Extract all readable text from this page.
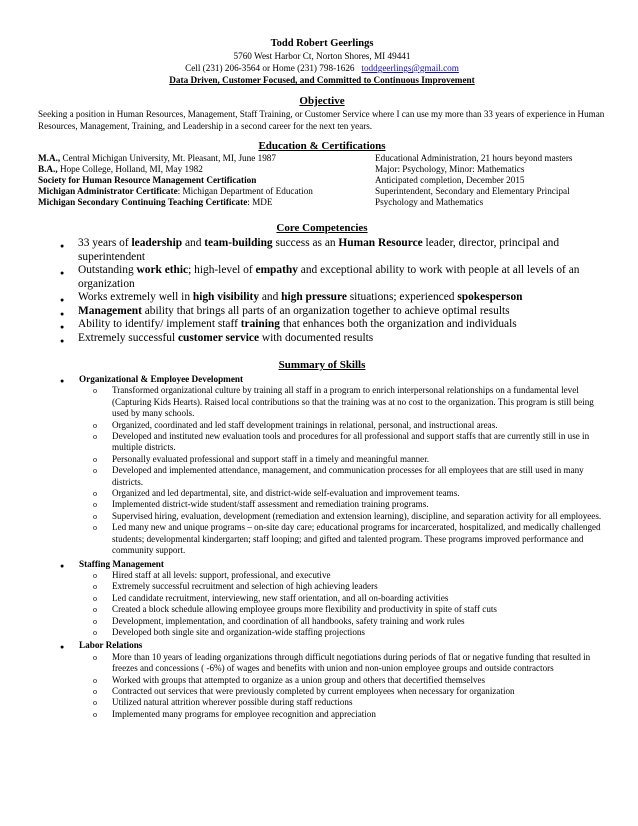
Todd Robert Geerlings
5760 West Harbor Ct, Norton Shores, MI 49441
Cell (231) 206-3564 or Home (231) 798-1626 toddgeerlings@gmail.com
Data Driven, Customer Focused, and Committed to Continuous Improvement
Objective
Seeking a position in Human Resources, Management, Staff Training, or Customer Service where I can use my more than 33 years of experience in Human Resources, Management, Training, and Leadership in a second career for the next ten years.
Education & Certifications
M.A., Central Michigan University, Mt. Pleasant, MI, June 1987	Educational Administration, 21 hours beyond masters
B.A., Hope College, Holland, MI, May 1982	Major: Psychology, Minor: Mathematics
Society for Human Resource Management Certification	Anticipated completion, December 2015
Michigan Administrator Certificate: Michigan Department of Education	Superintendent, Secondary and Elementary Principal
Michigan Secondary Continuing Teaching Certificate: MDE	Psychology and Mathematics
Core Competencies
● 33 years of leadership and team-building success as an Human Resource leader, director, principal and superintendent
● Outstanding work ethic; high-level of empathy and exceptional ability to work with people at all levels of an organization
● Works extremely well in high visibility and high pressure situations; experienced spokesperson
● Management ability that brings all parts of an organization together to achieve optimal results
● Ability to identify/ implement staff training that enhances both the organization and individuals
● Extremely successful customer service with documented results
Summary of Skills
● Organizational & Employee Development
o Transformed organizational culture by training all staff in a program to enrich interpersonal relationships on a fundamental level (Capturing Kids Hearts). Raised local contributions so that the training was at no cost to the organization. This program is still being used by many schools.
o Organized, coordinated and led staff development trainings in relational, personal, and instructional areas.
o Developed and instituted new evaluation tools and procedures for all professional and support staffs that are currently still in use in multiple districts.
o Personally evaluated professional and support staff in a timely and meaningful manner.
o Developed and implemented attendance, management, and communication processes for all employees that are still used in many districts.
o Organized and led departmental, site, and district-wide self-evaluation and improvement teams.
o Implemented district-wide student/staff assessment and remediation training programs.
o Supervised hiring, evaluation, development (remediation and extension learning), discipline, and separation activity for all employees.
o Led many new and unique programs – on-site day care; educational programs for incarcerated, hospitalized, and medically challenged students; developmental kindergarten; staff looping; and gifted and talented program. These programs improved performance and community support.
● Staffing Management
o Hired staff at all levels: support, professional, and executive
o Extremely successful recruitment and selection of high achieving leaders
o Led candidate recruitment, interviewing, new staff orientation, and all on-boarding activities
o Created a block schedule allowing employee groups more flexibility and productivity in spite of staff cuts
o Development, implementation, and coordination of all handbooks, safety training and work rules
o Developed both single site and organization-wide staffing projections
● Labor Relations
o More than 10 years of leading organizations through difficult negotiations during periods of flat or negative funding that resulted in freezes and concessions ( -6%) of wages and benefits with union and non-union employee groups and outside contractors
o Worked with groups that attempted to organize as a union group and others that decertified themselves
o Contracted out services that were previously completed by current employees when necessary for organization
o Utilized natural attrition wherever possible during staff reductions
o Implemented many programs for employee recognition and appreciation
